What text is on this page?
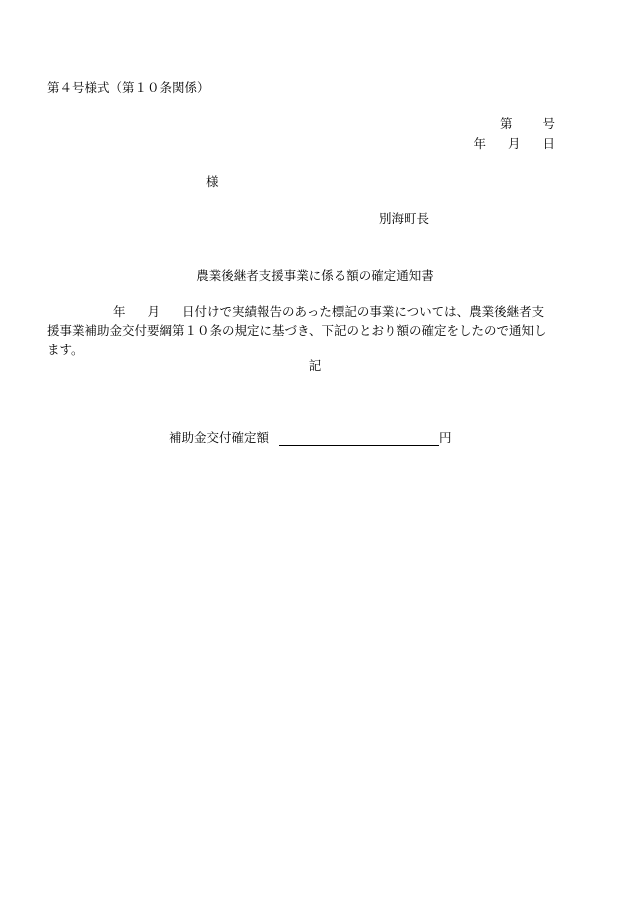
第４号様式（第１０条関係）
第 号
年 月 日
様
別海町長
農業後継者支援事業に係る額の確定通知書
年 月 日付けで実績報告のあった標記の事業については、農業後継者支
援事業補助金交付要綱第１０条の規定に基づき、下記のとおり額の確定をしたので通知し
ます。
記
補助金交付確定額	円
